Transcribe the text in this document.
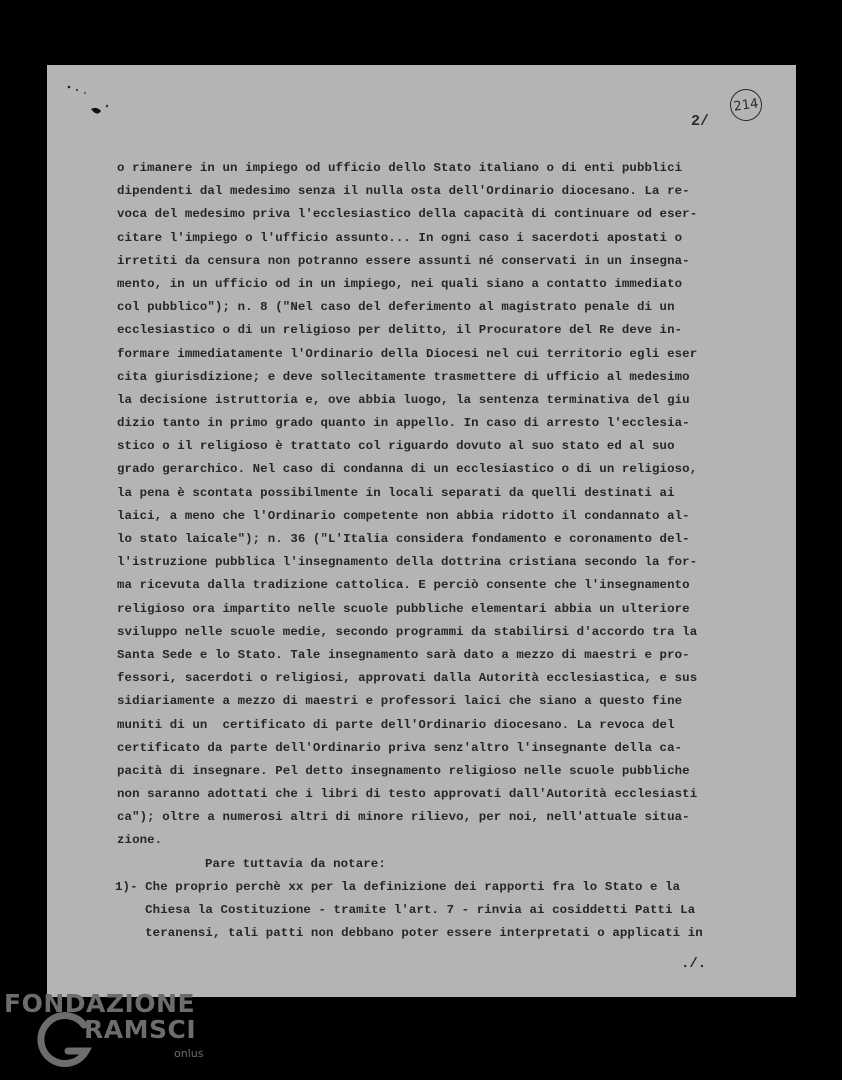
214
2/
o rimanere in un impiego od ufficio dello Stato italiano o di enti pubblici
dipendenti dal medesimo senza il nulla osta dell'Ordinario diocesano. La re-
voca del medesimo priva l'ecclesiastico della capacità di continuare od eser-
citare l'impiego o l'ufficio assunto... In ogni caso i sacerdoti apostati o
irretiti da censura non potranno essere assunti né conservati in un insegna-
mento, in un ufficio od in un impiego, nei quali siano a contatto immediato
col pubblico"); n. 8 ("Nel caso del deferimento al magistrato penale di un
ecclesiastico o di un religioso per delitto, il Procuratore del Re deve in-
formare immediatamente l'Ordinario della Diocesi nel cui territorio egli eser
cita giurisdizione; e deve sollecitamente trasmettere di ufficio al medesimo
la decisione istruttoria e, ove abbia luogo, la sentenza terminativa del giu
dizio tanto in primo grado quanto in appello. In caso di arresto l'ecclesia-
stico o il religioso è trattato col riguardo dovuto al suo stato ed al suo
grado gerarchico. Nel caso di condanna di un ecclesiastico o di un religioso,
la pena è scontata possibilmente in locali separati da quelli destinati ai
laici, a meno che l'Ordinario competente non abbia ridotto il condannato al-
lo stato laicale"); n. 36 ("L'Italia considera fondamento e coronamento del-
l'istruzione pubblica l'insegnamento della dottrina cristiana secondo la for-
ma ricevuta dalla tradizione cattolica. E perciò consente che l'insegnamento
religioso ora impartito nelle scuole pubbliche elementari abbia un ulteriore
sviluppo nelle scuole medie, secondo programmi da stabilirsi d'accordo tra la
Santa Sede e lo Stato. Tale insegnamento sarà dato a mezzo di maestri e pro-
fessori, sacerdoti o religiosi, approvati dalla Autorità ecclesiastica, e sus
sidiariamente a mezzo di maestri e professori laici che siano a questo fine
muniti di un  certificato di parte dell'Ordinario diocesano. La revoca del
certificato da parte dell'Ordinario priva senz'altro l'insegnante della ca-
pacità di insegnare. Pel detto insegnamento religioso nelle scuole pubbliche
non saranno adottati che i libri di testo approvati dall'Autorità ecclesiasti
ca"); oltre a numerosi altri di minore rilievo, per noi, nell'attuale situa-
zione.
Pare tuttavia da notare:
1)- Che proprio perchè xx per la definizione dei rapporti fra lo Stato e la
Chiesa la Costituzione - tramite l'art. 7 - rinvia ai cosiddetti Patti La
teranensi, tali patti non debbano poter essere interpretati o applicati in
./.
FONDAZIONE
RAMSCI
onlus
